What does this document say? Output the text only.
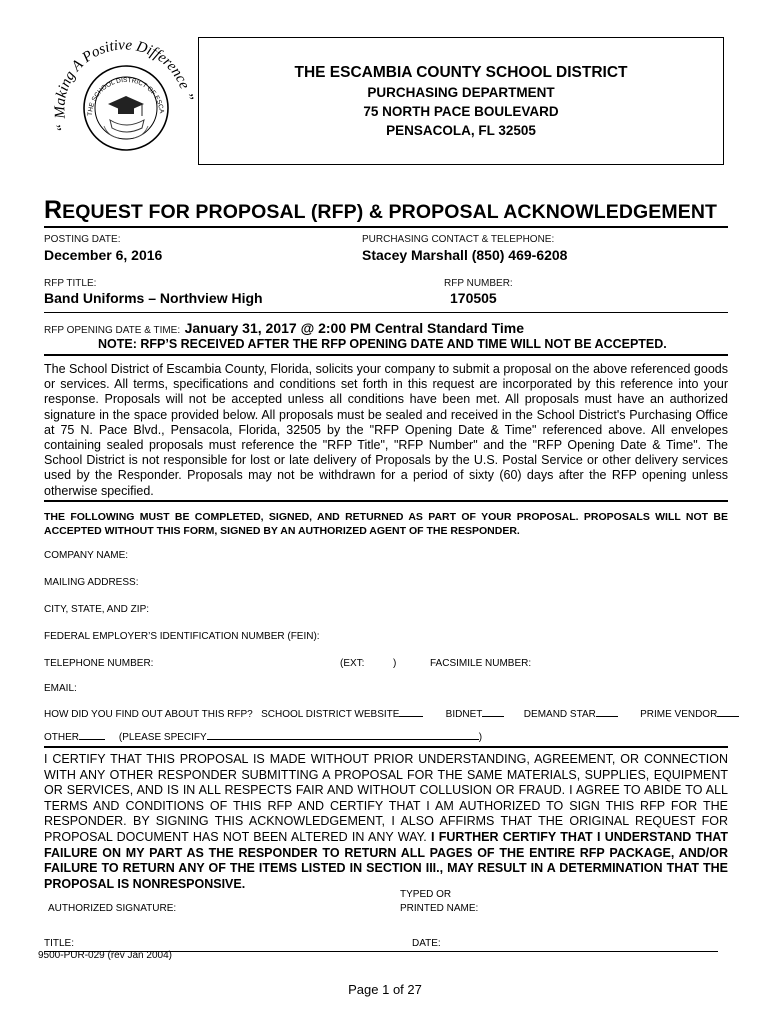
“ Making A Positive Difference ”
THE SCHOOL DISTRICT OF ESCA
THE ESCAMBIA COUNTY SCHOOL DISTRICT
PURCHASING DEPARTMENT
75 NORTH PACE BOULEVARD
PENSACOLA, FL 32505
REQUEST FOR PROPOSAL (RFP) & PROPOSAL ACKNOWLEDGEMENT
POSTING DATE:
December 6, 2016
PURCHASING CONTACT & TELEPHONE:
Stacey Marshall (850) 469-6208
RFP TITLE:
Band Uniforms – Northview High
RFP NUMBER:
170505
RFP OPENING DATE & TIME: January 31, 2017 @ 2:00 PM Central Standard Time
NOTE: RFP’S RECEIVED AFTER THE RFP OPENING DATE AND TIME WILL NOT BE ACCEPTED.
The School District of Escambia County, Florida, solicits your company to submit a proposal on the above referenced goods or services. All terms, specifications and conditions set forth in this request are incorporated by this reference into your response. Proposals will not be accepted unless all conditions have been met. All proposals must have an authorized signature in the space provided below. All proposals must be sealed and received in the School District's Purchasing Office at 75 N. Pace Blvd., Pensacola, Florida, 32505 by the "RFP Opening Date & Time" referenced above. All envelopes containing sealed proposals must reference the "RFP Title", "RFP Number" and the "RFP Opening Date & Time". The School District is not responsible for lost or late delivery of Proposals by the U.S. Postal Service or other delivery services used by the Responder. Proposals may not be withdrawn for a period of sixty (60) days after the RFP opening unless otherwise specified.
THE FOLLOWING MUST BE COMPLETED, SIGNED, AND RETURNED AS PART OF YOUR PROPOSAL. PROPOSALS WILL NOT BE ACCEPTED WITHOUT THIS FORM, SIGNED BY AN AUTHORIZED AGENT OF THE RESPONDER.
COMPANY NAME:
MAILING ADDRESS:
CITY, STATE, AND ZIP:
FEDERAL EMPLOYER’S IDENTIFICATION NUMBER (FEIN):
TELEPHONE NUMBER:	(EXT:	)	FACSIMILE NUMBER:
EMAIL:
HOW DID YOU FIND OUT ABOUT THIS RFP? SCHOOL DISTRICT WEBSITE	BIDNET	DEMAND STAR	PRIME VENDOR
OTHER	(PLEASE SPECIFY	)
I CERTIFY THAT THIS PROPOSAL IS MADE WITHOUT PRIOR UNDERSTANDING, AGREEMENT, OR CONNECTION WITH ANY OTHER RESPONDER SUBMITTING A PROPOSAL FOR THE SAME MATERIALS, SUPPLIES, EQUIPMENT OR SERVICES, AND IS IN ALL RESPECTS FAIR AND WITHOUT COLLUSION OR FRAUD. I AGREE TO ABIDE TO ALL TERMS AND CONDITIONS OF THIS RFP AND CERTIFY THAT I AM AUTHORIZED TO SIGN THIS RFP FOR THE RESPONDER. BY SIGNING THIS ACKNOWLEDGEMENT, I ALSO AFFIRMS THAT THE ORIGINAL REQUEST FOR PROPOSAL DOCUMENT HAS NOT BEEN ALTERED IN ANY WAY. I FURTHER CERTIFY THAT I UNDERSTAND THAT FAILURE ON MY PART AS THE RESPONDER TO RETURN ALL PAGES OF THE ENTIRE RFP PACKAGE, AND/OR FAILURE TO RETURN ANY OF THE ITEMS LISTED IN SECTION III., MAY RESULT IN A DETERMINATION THAT THE PROPOSAL IS NONRESPONSIVE.
AUTHORIZED SIGNATURE:
TYPED OR
PRINTED NAME:
TITLE:	DATE:
9500-PUR-029 (rev Jan 2004)
Page 1 of 27
